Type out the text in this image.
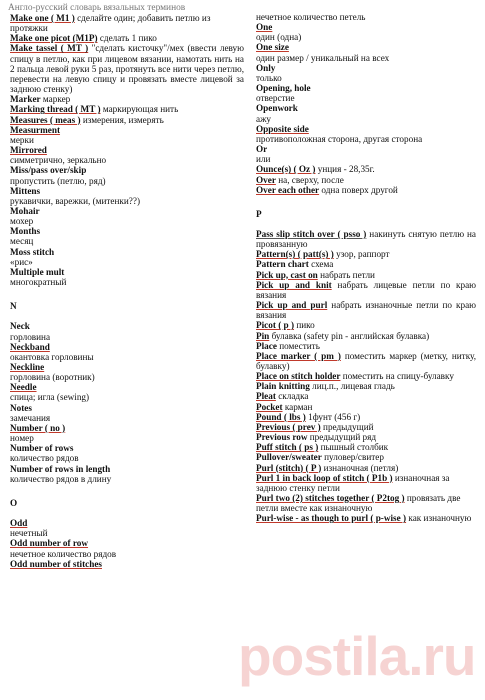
Англо-русский словарь вязальных терминов

Make one ( M1 ) сделайте один; добавить петлю из протяжки

Make one picot (M1P) сделать 1 пико

Make tassel ( MT ) "сделать кисточку"/мех (ввести левую спицу в петлю, как при лицевом вязании, намотать нить на 2 пальца левой руки 5 раз, протянуть все нити через петлю, перевести на левую спицу и провязать вместе лицевой за заднюю стенку)

Marker маркер

Marking thread ( MT ) маркирующая нить

Measures ( meas ) измерения, измерять

Measurment

мерки

Mirrored

симметрично, зеркально

Miss/pass over/skip

пропустить (петлю, ряд)

Mittens

рукавички, варежки, (митенки??)

Mohair

мохер

Months

месяц

Moss stitch

«рис»

Multiple mult

многократный

N

Neck

горловина

Neckband

окантовка горловины

Neckline

горловина (воротник)

Needle

спица; игла (sewing)

Notes

замечания

Number ( no )

номер

Number of rows

количество рядов

Number of rows in length

количество рядов в длину

O

Odd

нечетный

Odd number of row

нечетное количество рядов

Odd number of stitches

нечетное количество петель

One

один (одна)

One size

один размер / уникальный на всех

Only

только

Opening, hole

отверстие

Openwork

ажу

Opposite side

противоположная сторона, другая сторона

Or

или

Ounce(s) ( Oz ) унция - 28,35г.

Over на, сверху, после

Over each other одна поверх другой

P

Pass slip stitch over ( psso ) накинуть снятую петлю на провязанную

Pattern(s) ( patt(s) ) узор, раппорт

Pattern chart схема

Pick up, cast on набрать петли

Pick up and knit набрать лицевые петли по краю вязания

Pick up and purl набрать изнаночные петли по краю вязания

Picot ( p ) пико

Pin булавка (safety pin - английская булавка)

Place поместить

Place marker ( pm ) поместить маркер (метку, нитку, булавку)

Place on stitch holder поместить на спицу-булавку

Plain knitting лиц.п., лицевая гладь

Pleat складка

Pocket карман

Pound ( lbs ) 1фунт (456 г)

Previous ( prev ) предыдущий

Previous row предыдущий ряд

Puff stitch ( ps ) пышный столбик

Pullover/sweater пуловер/свитер

Purl (stitch) ( P ) изнаночная (петля)

Purl 1 in back loop of stitch ( P1b ) изнаночная за заднюю стенку петли

Purl two (2) stitches together ( P2tog ) провязать две петли вместе как изнаночную

Purl-wise - as though to purl ( p-wise ) как изнаночную

postila.ru
